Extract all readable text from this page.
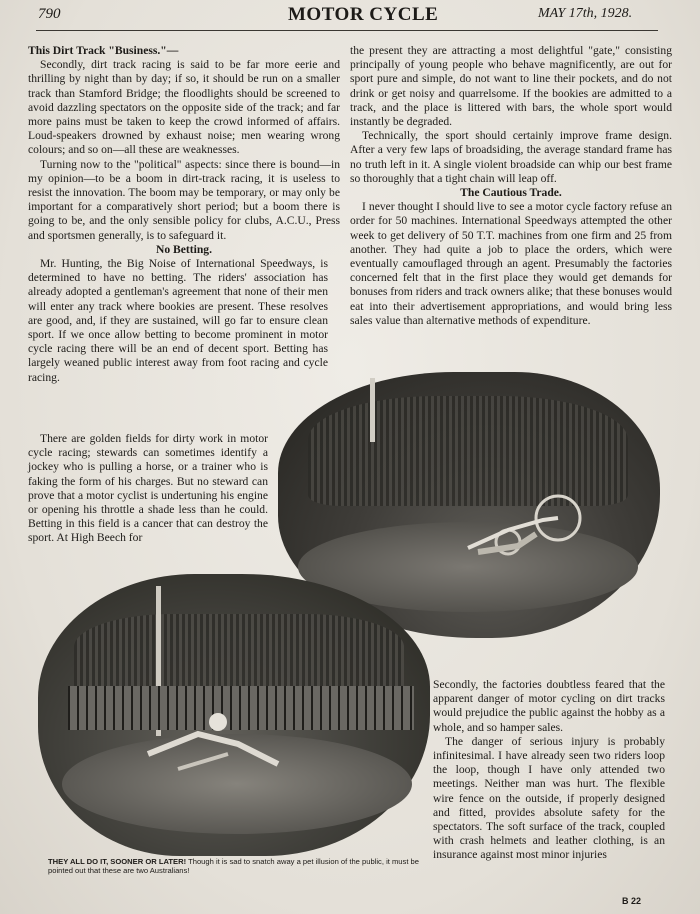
790	MOTOR CYCLE	MAY 17th, 1928.

This Dirt Track "Business."—

Secondly, dirt track racing is said to be far more eerie and thrilling by night than by day; if so, it should be run on a smaller track than Stamford Bridge; the floodlights should be screened to avoid dazzling spectators on the opposite side of the track; and far more pains must be taken to keep the crowd informed of affairs. Loud-speakers drowned by exhaust noise; men wearing wrong colours; and so on—all these are weaknesses.

Turning now to the "political" aspects: since there is bound—in my opinion—to be a boom in dirt-track racing, it is useless to resist the innovation. The boom may be temporary, or may only be important for a comparatively short period; but a boom there is going to be, and the only sensible policy for clubs, A.C.U., Press and sportsmen generally, is to safeguard it.

No Betting.

Mr. Hunting, the Big Noise of International Speedways, is determined to have no betting. The riders' association has already adopted a gentleman's agreement that none of their men will enter any track where bookies are present. These resolves are good, and, if they are sustained, will go far to ensure clean sport. If we once allow betting to become prominent in motor cycle racing there will be an end of decent sport. Betting has largely weaned public interest away from foot racing and cycle racing.

There are golden fields for dirty work in motor cycle racing; stewards can sometimes identify a jockey who is pulling a horse, or a trainer who is faking the form of his charges. But no steward can prove that a motor cyclist is undertuning his engine or opening his throttle a shade less than he could. Betting in this field is a cancer that can destroy the sport. At High Beech for

the present they are attracting a most delightful "gate," consisting principally of young people who behave magnificently, are out for sport pure and simple, do not want to line their pockets, and do not drink or get noisy and quarrelsome. If the bookies are admitted to a track, and the place is littered with bars, the whole sport would instantly be degraded.

Technically, the sport should certainly improve frame design. After a very few laps of broadsiding, the average standard frame has no truth left in it. A single violent broadside can whip our best frame so thoroughly that a tight chain will leap off.

The Cautious Trade.

I never thought I should live to see a motor cycle factory refuse an order for 50 machines. International Speedways attempted the other week to get delivery of 50 T.T. machines from one firm and 25 from another. They had quite a job to place the orders, which were eventually camouflaged through an agent. Presumably the factories concerned felt that in the first place they would get demands for bonuses from riders and track owners alike; that these bonuses would eat into their advertisement appropriations, and would bring less sales value than alternative methods of expenditure.

Secondly, the factories doubtless feared that the apparent danger of motor cycling on dirt tracks would prejudice the public against the hobby as a whole, and so hamper sales.

The danger of serious injury is probably infinitesimal. I have already seen two riders loop the loop, though I have only attended two meetings. Neither man was hurt. The flexible wire fence on the outside, if properly designed and fitted, provides absolute safety for the spectators. The soft surface of the track, coupled with crash helmets and leather clothing, is an insurance against most minor injuries

THEY ALL DO IT, SOONER OR LATER! Though it is sad to snatch away a pet illusion of the public, it must be pointed out that these are two Australians!
B 22
